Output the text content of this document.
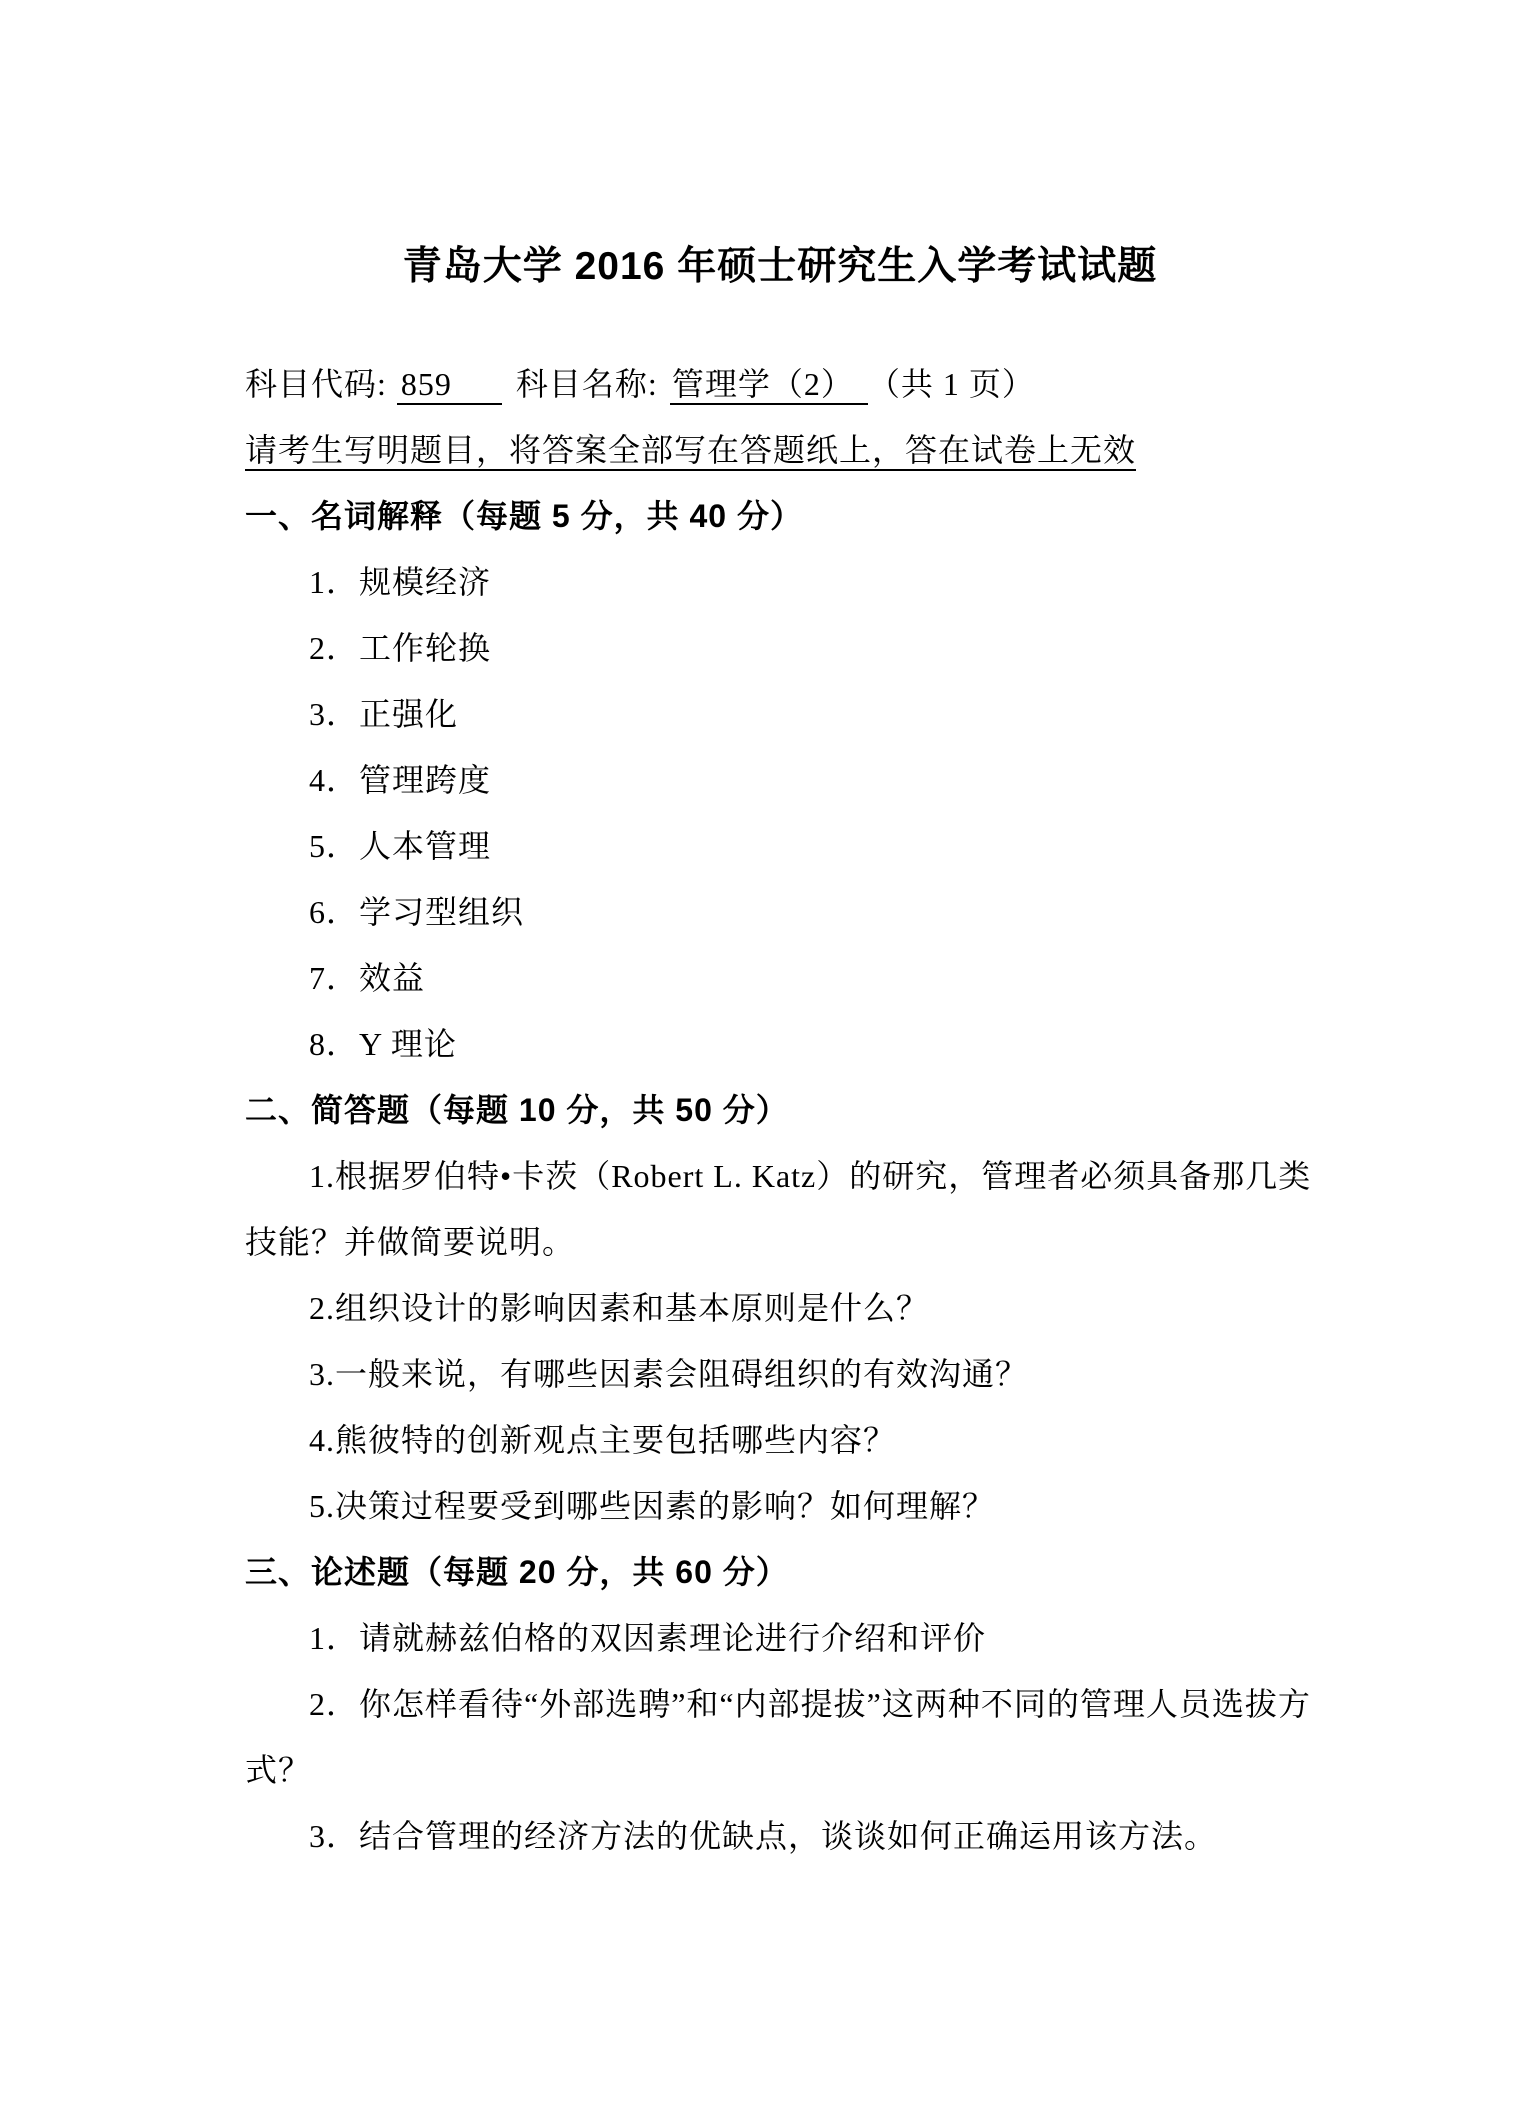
青岛大学 2016 年硕士研究生入学考试试题

科目代码: 859 科目名称: 管理学（2） （共 1 页）

请考生写明题目，将答案全部写在答题纸上，答在试卷上无效

一、名词解释（每题 5 分，共 40 分）

1．规模经济

2．工作轮换

3．正强化

4．管理跨度

5．人本管理

6．学习型组织

7．效益

8．Y 理论

二、简答题（每题 10 分，共 50 分）

1.根据罗伯特•卡茨（Robert L. Katz）的研究，管理者必须具备那几类技能？并做简要说明。

2.组织设计的影响因素和基本原则是什么？

3.一般来说，有哪些因素会阻碍组织的有效沟通？

4.熊彼特的创新观点主要包括哪些内容？

5.决策过程要受到哪些因素的影响？如何理解？

三、论述题（每题 20 分，共 60 分）

1．请就赫兹伯格的双因素理论进行介绍和评价

2．你怎样看待“外部选聘”和“内部提拔”这两种不同的管理人员选拔方式？

3．结合管理的经济方法的优缺点，谈谈如何正确运用该方法。
